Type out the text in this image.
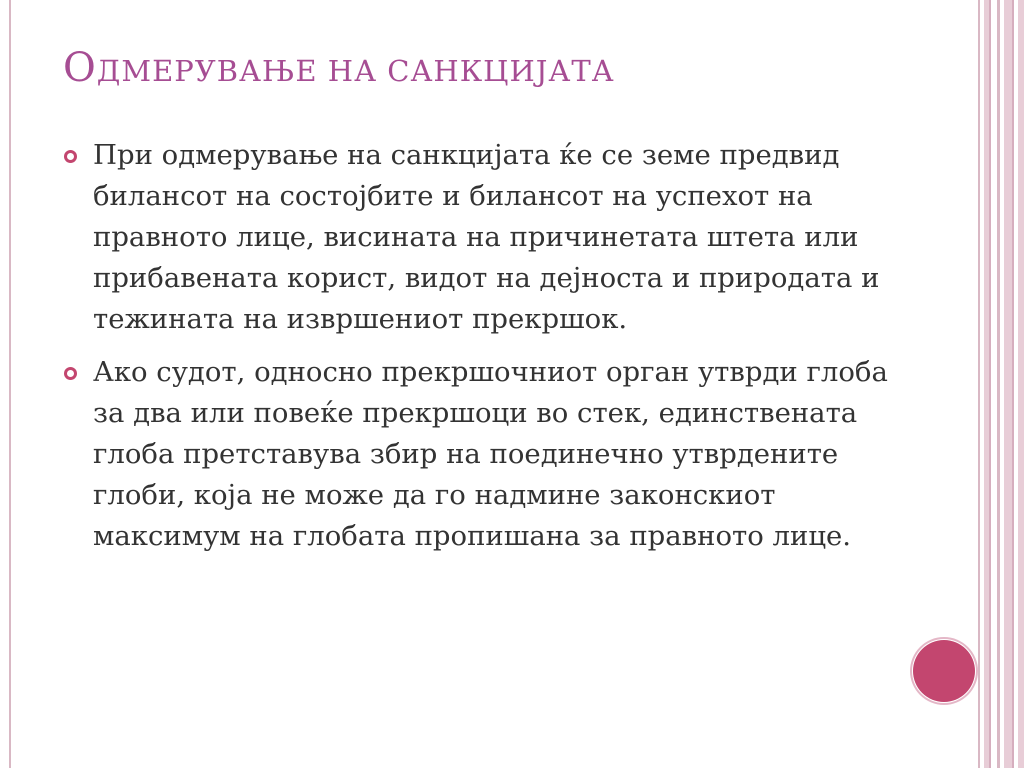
ОДМЕРУВАЊЕ НА САНКЦИЈАТА
При одмерување на санкцијата ќе се земе предвид билансот на состојбите и билансот на успехот на правното лице, висината на причинетата штета или прибавената корист, видот на дејноста и природата и тежината на извршениот прекршок.
Ако судот, односно прекршочниот орган утврди глоба за два или повеќе прекршоци во стек, единствената глоба претставува збир на поединечно утврдените глоби, која не може да го надмине законскиот максимум на глобата пропишана за правното лице.
